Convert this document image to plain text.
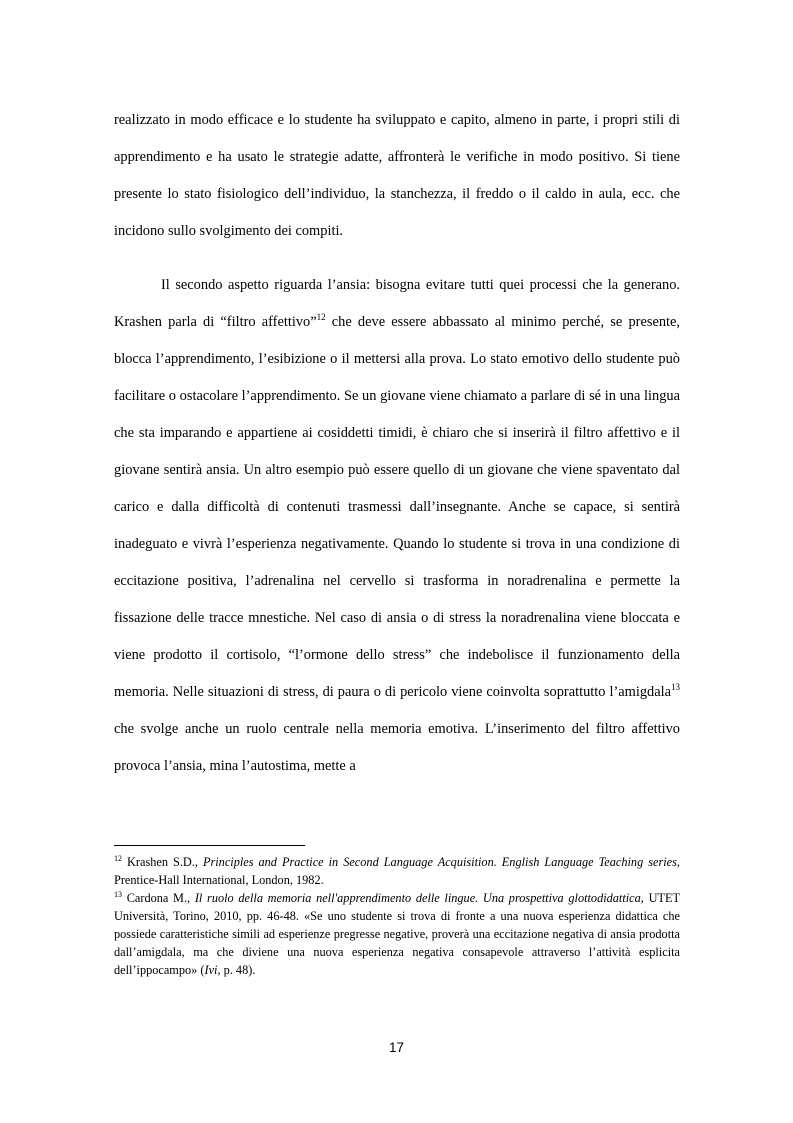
realizzato in modo efficace e lo studente ha sviluppato e capito, almeno in parte, i propri stili di apprendimento e ha usato le strategie adatte, affronterà le verifiche in modo positivo. Si tiene presente lo stato fisiologico dell’individuo, la stanchezza, il freddo o il caldo in aula, ecc. che incidono sullo svolgimento dei compiti.

Il secondo aspetto riguarda l’ansia: bisogna evitare tutti quei processi che la generano. Krashen parla di “filtro affettivo”$^{12}$ che deve essere abbassato al minimo perché, se presente, blocca l’apprendimento, l’esibizione o il mettersi alla prova. Lo stato emotivo dello studente può facilitare o ostacolare l’apprendimento. Se un giovane viene chiamato a parlare di sé in una lingua che sta imparando e appartiene ai cosiddetti timidi, è chiaro che si inserirà il filtro affettivo e il giovane sentirà ansia. Un altro esempio può essere quello di un giovane che viene spaventato dal carico e dalla difficoltà di contenuti trasmessi dall’insegnante. Anche se capace, si sentirà inadeguato e vivrà l’esperienza negativamente. Quando lo studente si trova in una condizione di eccitazione positiva, l’adrenalina nel cervello si trasforma in noradrenalina e permette la fissazione delle tracce mnestiche. Nel caso di ansia o di stress la noradrenalina viene bloccata e viene prodotto il cortisolo, “l’ormone dello stress” che indebolisce il funzionamento della memoria. Nelle situazioni di stress, di paura o di pericolo viene coinvolta soprattutto l’amigdala$^{13}$ che svolge anche un ruolo centrale nella memoria emotiva. L’inserimento del filtro affettivo provoca l’ansia, mina l’autostima, mette a

$^{12}$ Krashen S.D., Principles and Practice in Second Language Acquisition. English Language Teaching series, Prentice-Hall International, London, 1982.

$^{13}$ Cardona M., Il ruolo della memoria nell'apprendimento delle lingue. Una prospettiva glottodidattica, UTET Università, Torino, 2010, pp. 46-48. «Se uno studente si trova di fronte a una nuova esperienza didattica che possiede caratteristiche simili ad esperienze pregresse negative, proverà una eccitazione negativa di ansia prodotta dall’amigdala, ma che diviene una nuova esperienza negativa consapevole attraverso l’attività esplicita dell’ippocampo» (Ivi, p. 48).

17
